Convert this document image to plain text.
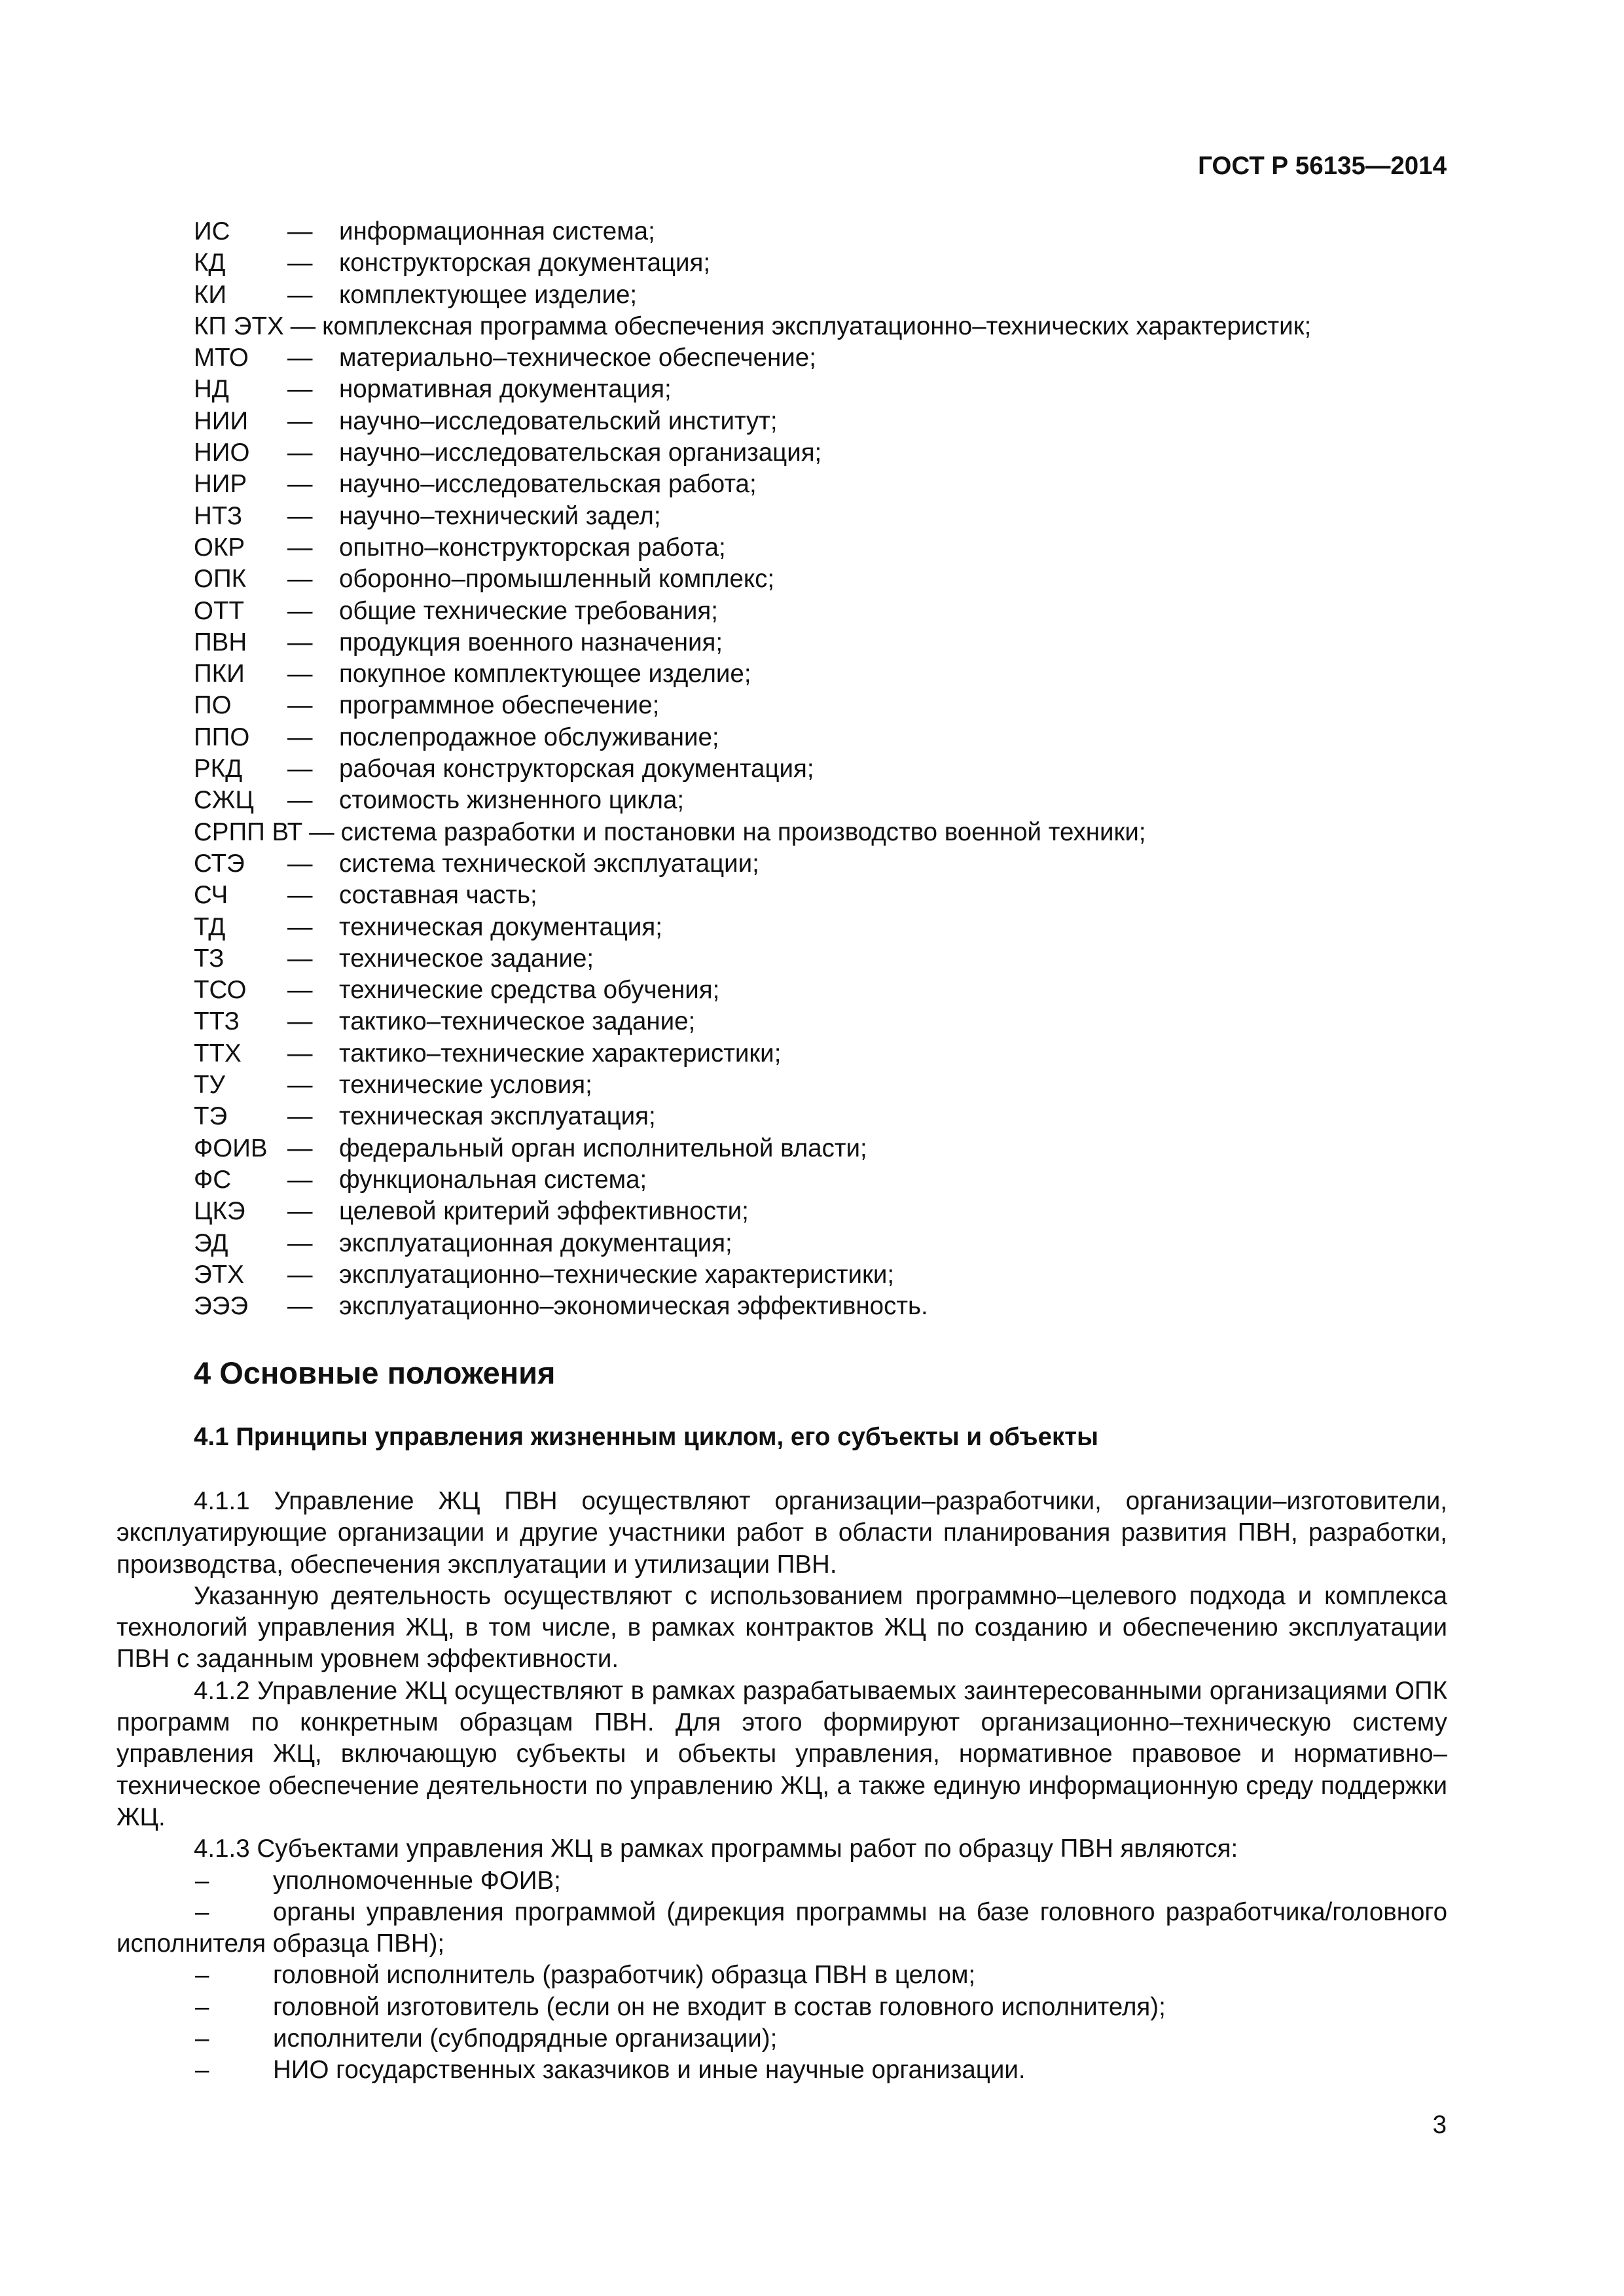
ГОСТ Р 56135—2014
ИС — информационная система;
КД — конструкторская документация;
КИ — комплектующее изделие;
КП ЭТХ — комплексная программа обеспечения эксплуатационно–технических характеристик;
МТО — материально–техническое обеспечение;
НД — нормативная документация;
НИИ — научно–исследовательский институт;
НИО — научно–исследовательская организация;
НИР — научно–исследовательская работа;
НТЗ — научно–технический задел;
ОКР — опытно–конструкторская работа;
ОПК — оборонно–промышленный комплекс;
ОТТ — общие технические требования;
ПВН — продукция военного назначения;
ПКИ — покупное комплектующее изделие;
ПО — программное обеспечение;
ППО — послепродажное обслуживание;
РКД — рабочая конструкторская документация;
СЖЦ — стоимость жизненного цикла;
СРПП ВТ — система разработки и постановки на производство военной техники;
СТЭ — система технической эксплуатации;
СЧ — составная часть;
ТД — техническая документация;
ТЗ	— техническое задание;
ТСО — технические средства обучения;
ТТЗ — тактико–техническое задание;
ТТХ — тактико–технические характеристики;
ТУ — технические условия;
ТЭ — техническая эксплуатация;
ФОИВ — федеральный орган исполнительной власти;
ФС — функциональная система;
ЦКЭ — целевой критерий эффективности;
ЭД — эксплуатационная документация;
ЭТХ — эксплуатационно–технические характеристики;
ЭЭЭ — эксплуатационно–экономическая эффективность.
4 Основные положения
4.1 Принципы управления жизненным циклом, его субъекты и объекты

4.1.1 Управление ЖЦ ПВН осуществляют организации–разработчики, организации–изготовители, эксплуатирующие организации и другие участники работ в области планирования развития ПВН, разработки, производства, обеспечения эксплуатации и утилизации ПВН.

Указанную деятельность осуществляют с использованием программно–целевого подхода и комплекса технологий управления ЖЦ, в том числе, в рамках контрактов ЖЦ по созданию и обеспечению эксплуатации ПВН с заданным уровнем эффективности.

4.1.2 Управление ЖЦ осуществляют в рамках разрабатываемых заинтересованными организациями ОПК программ по конкретным образцам ПВН. Для этого формируют организационно–техническую систему управления ЖЦ, включающую субъекты и объекты управления, нормативное правовое и нормативно–техническое обеспечение деятельности по управлению ЖЦ, а также единую информационную среду поддержки ЖЦ.

4.1.3 Субъектами управления ЖЦ в рамках программы работ по образцу ПВН являются:

–	уполномоченные ФОИВ;

–	органы управления программой (дирекция программы на базе головного разработчика/головного исполнителя образца ПВН);

–	головной исполнитель (разработчик) образца ПВН в целом;

–	головной изготовитель (если он не входит в состав головного исполнителя);

–	исполнители (субподрядные организации);

–	НИО государственных заказчиков и иные научные организации.

3
